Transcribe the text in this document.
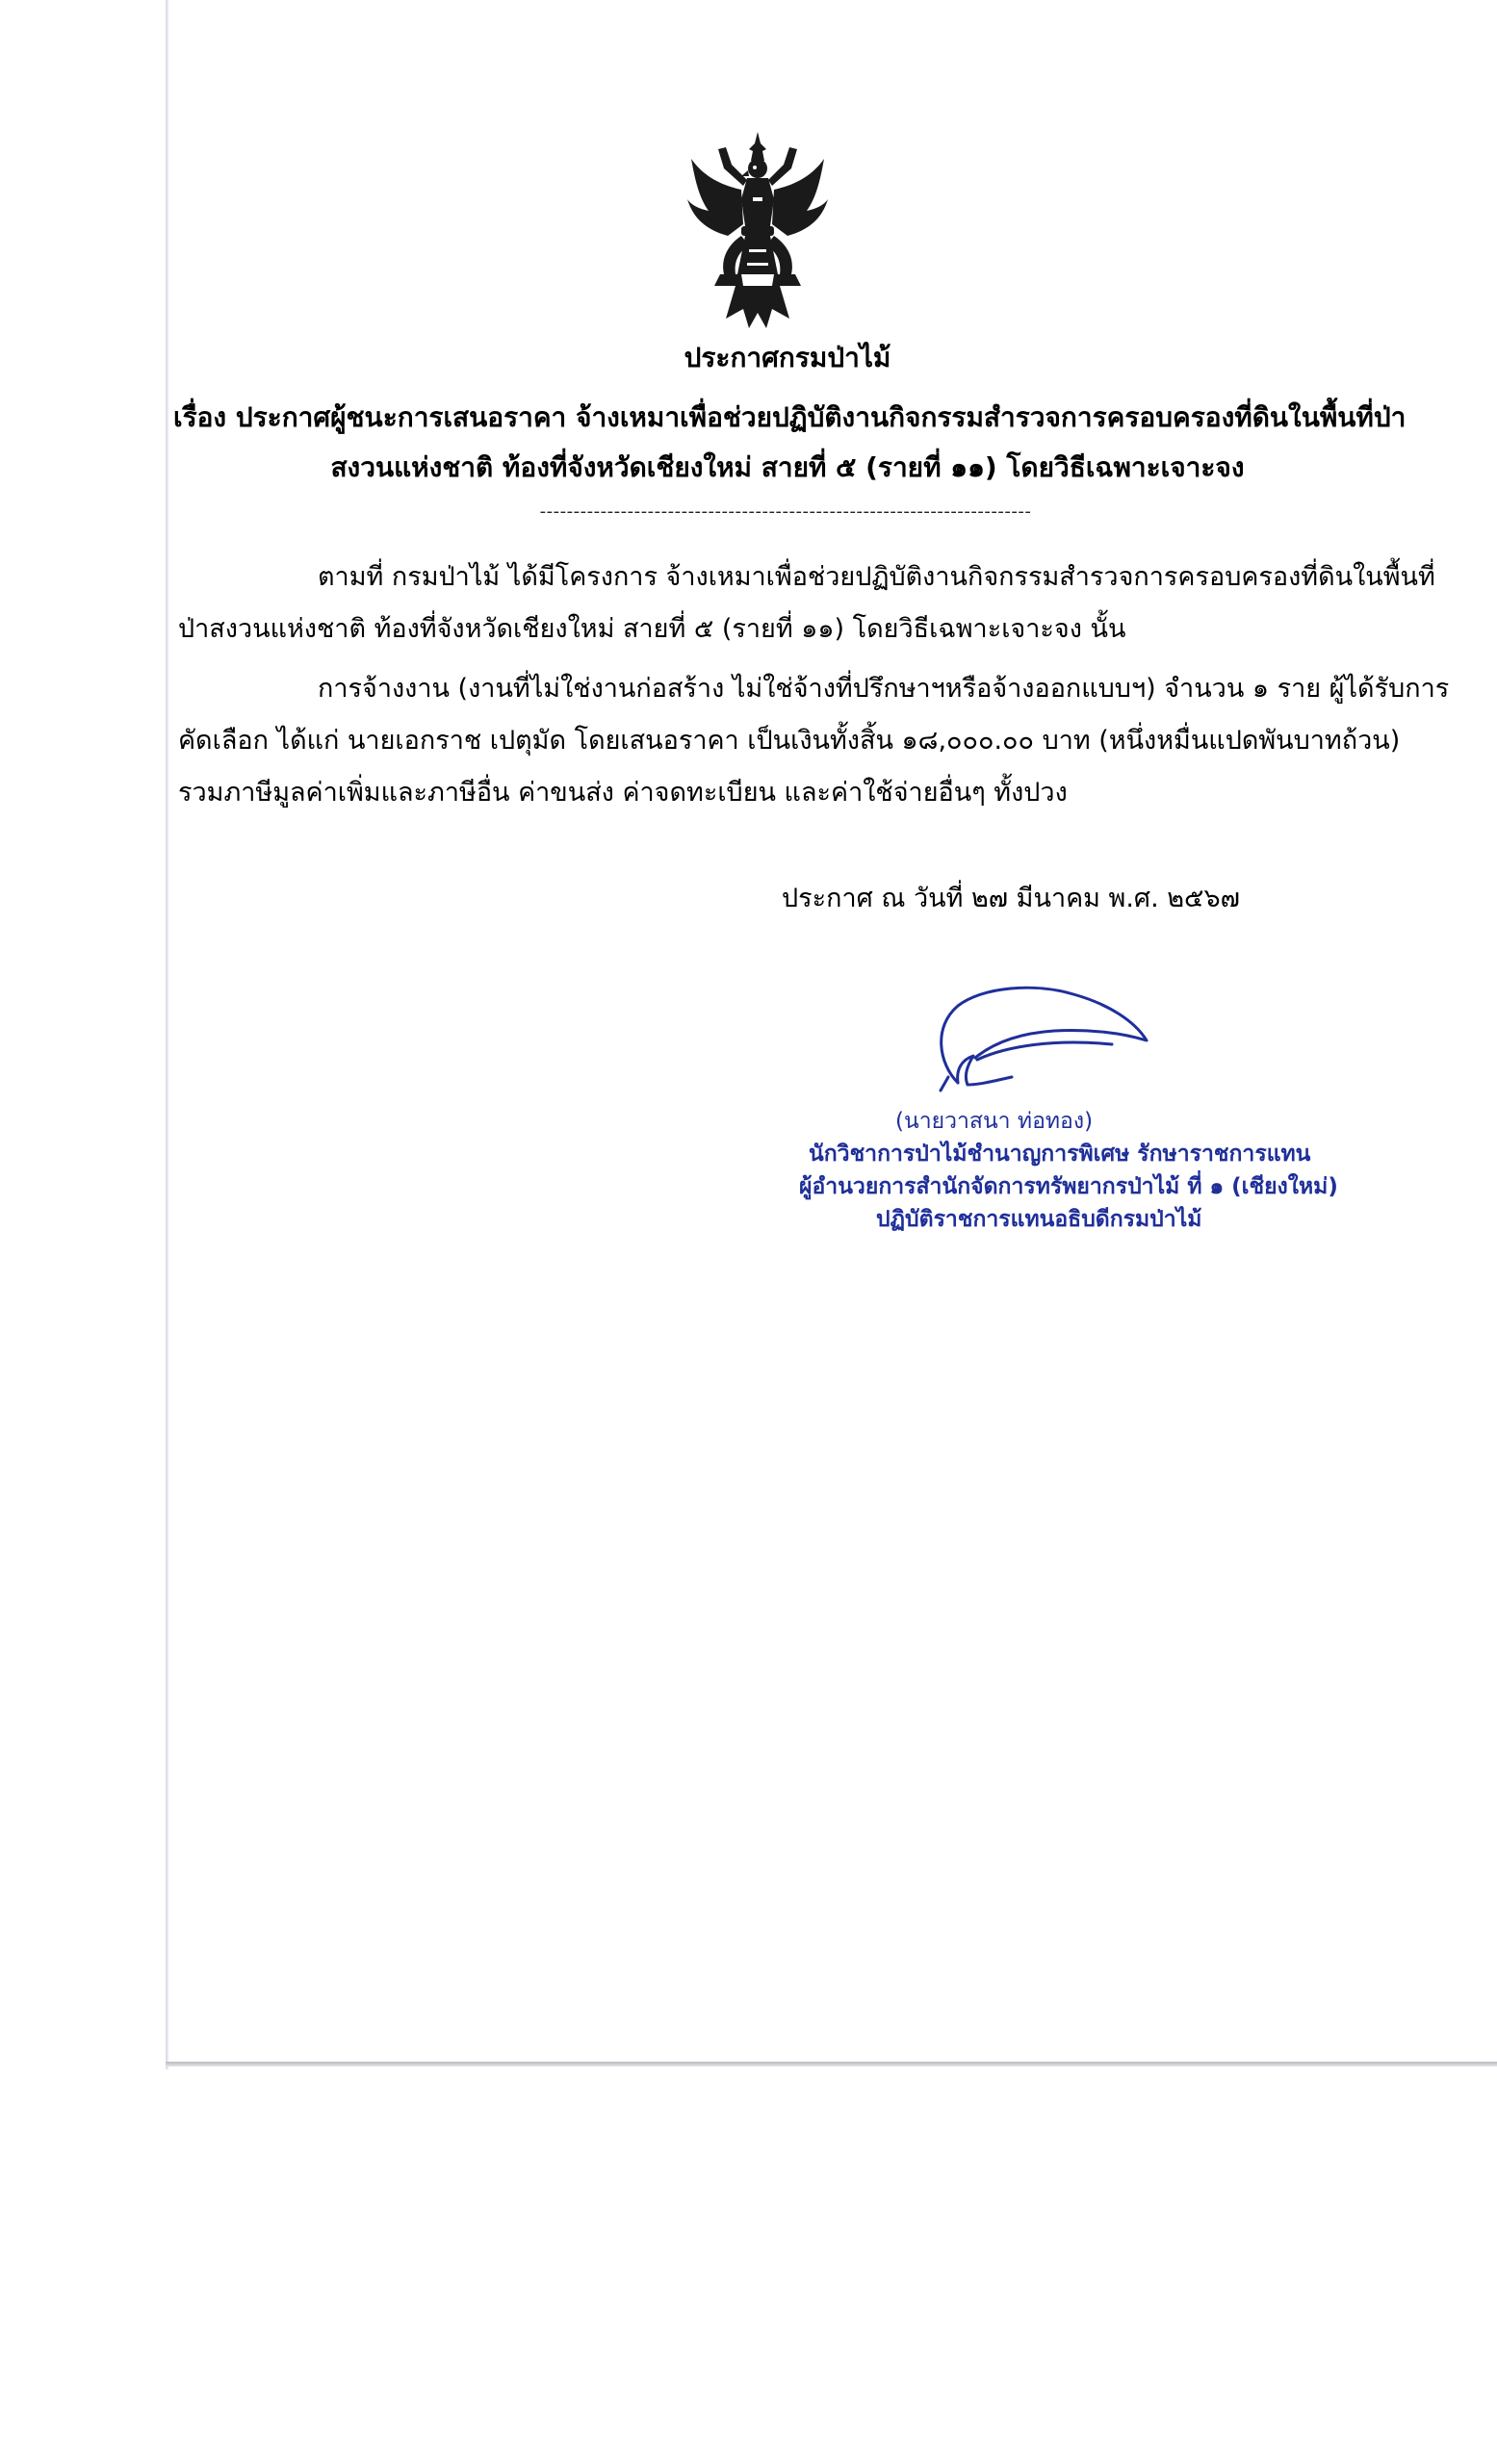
ประกาศกรมป่าไม้
เรื่อง ประกาศผู้ชนะการเสนอราคา จ้างเหมาเพื่อช่วยปฏิบัติงานกิจกรรมสำรวจการครอบครองที่ดินในพื้นที่ป่า
สงวนแห่งชาติ ท้องที่จังหวัดเชียงใหม่ สายที่ ๕ (รายที่ ๑๑) โดยวิธีเฉพาะเจาะจง
-------------------------------------------------------------------------
ตามที่ กรมป่าไม้ ได้มีโครงการ จ้างเหมาเพื่อช่วยปฏิบัติงานกิจกรรมสำรวจการครอบครองที่ดินในพื้นที่
ป่าสงวนแห่งชาติ ท้องที่จังหวัดเชียงใหม่ สายที่ ๕ (รายที่ ๑๑) โดยวิธีเฉพาะเจาะจง นั้น
การจ้างงาน (งานที่ไม่ใช่งานก่อสร้าง ไม่ใช่จ้างที่ปรึกษาฯหรือจ้างออกแบบฯ) จำนวน ๑ ราย ผู้ได้รับการ
คัดเลือก ได้แก่ นายเอกราช เปตุมัด โดยเสนอราคา เป็นเงินทั้งสิ้น ๑๘,๐๐๐.๐๐ บาท (หนึ่งหมื่นแปดพันบาทถ้วน)
รวมภาษีมูลค่าเพิ่มและภาษีอื่น ค่าขนส่ง ค่าจดทะเบียน และค่าใช้จ่ายอื่นๆ ทั้งปวง
ประกาศ ณ วันที่ ๒๗ มีนาคม พ.ศ. ๒๕๖๗
(นายวาสนา ท่อทอง)
นักวิชาการป่าไม้ชำนาญการพิเศษ รักษาราชการแทน
ผู้อำนวยการสำนักจัดการทรัพยากรป่าไม้ ที่ ๑ (เชียงใหม่)
ปฏิบัติราชการแทนอธิบดีกรมป่าไม้
